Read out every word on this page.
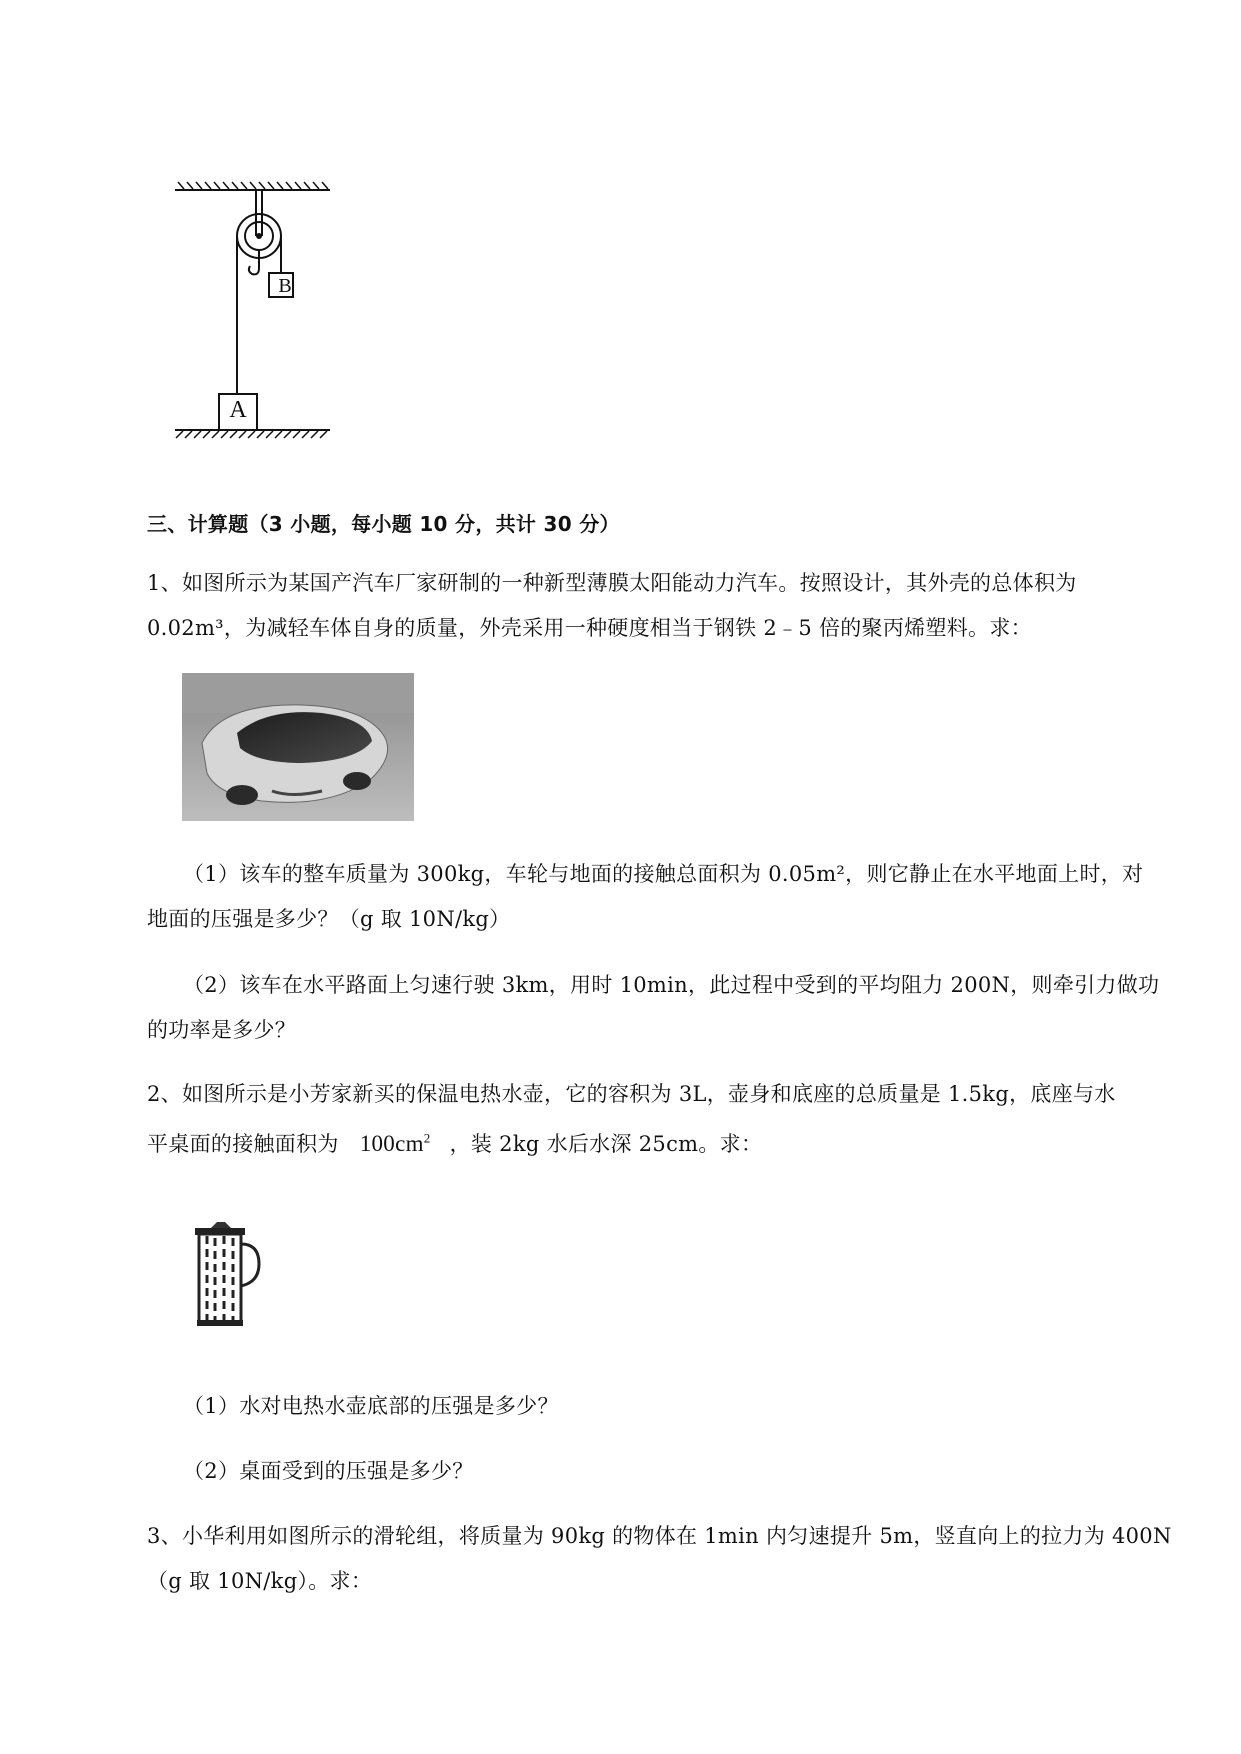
B
A
三、计算题（3 小题，每小题 10 分，共计 30 分）
1、如图所示为某国产汽车厂家研制的一种新型薄膜太阳能动力汽车。按照设计，其外壳的总体积为
0.02m³，为减轻车体自身的质量，外壳采用一种硬度相当于钢铁 2﹣5 倍的聚丙烯塑料。求：
（1）该车的整车质量为 300kg，车轮与地面的接触总面积为 0.05m²，则它静止在水平地面上时，对
地面的压强是多少？（g 取 10N/kg）
（2）该车在水平路面上匀速行驶 3km，用时 10min，此过程中受到的平均阻力 200N，则牵引力做功
的功率是多少？
2、如图所示是小芳家新买的保温电热水壶，它的容积为 3L，壶身和底座的总质量是 1.5kg，底座与水
平桌面的接触面积为 $100cm^2$ ，装 2kg 水后水深 25cm。求：
（1）水对电热水壶底部的压强是多少？
（2）桌面受到的压强是多少？
3、小华利用如图所示的滑轮组，将质量为 90kg 的物体在 1min 内匀速提升 5m，竖直向上的拉力为 400N
（g 取 10N/kg）。求：
